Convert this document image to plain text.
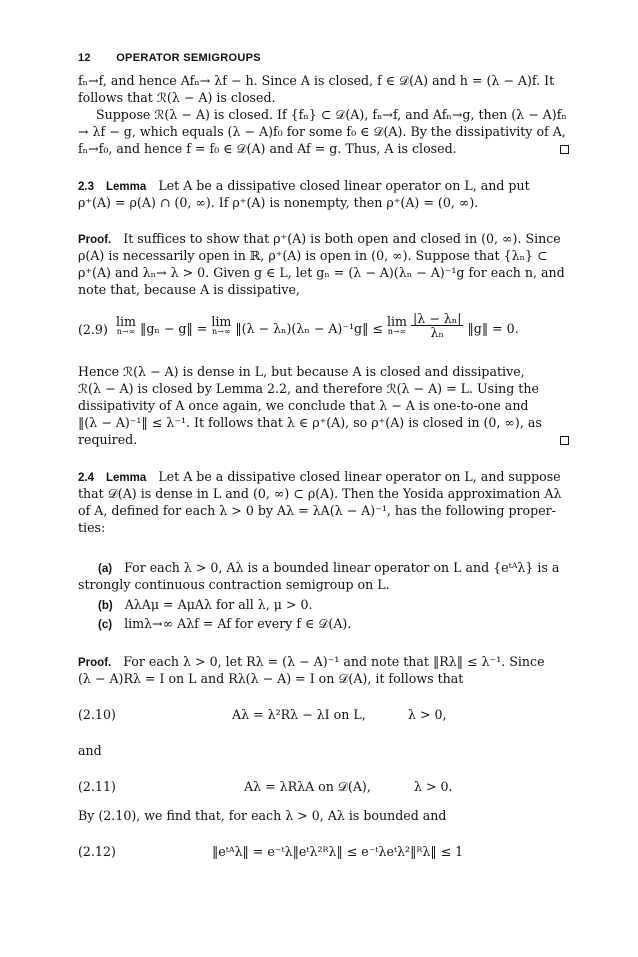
12 OPERATOR SEMIGROUPS
fₙ→f, and hence Afₙ→ λf − h. Since A is closed, f ∈ 𝒟(A) and h = (λ − A)f. It
follows that ℛ(λ − A) is closed.
Suppose ℛ(λ − A) is closed. If {fₙ} ⊂ 𝒟(A), fₙ→f, and Afₙ→g, then (λ − A)fₙ
→ λf − g, which equals (λ − A)f₀ for some f₀ ∈ 𝒟(A). By the dissipativity of A,
fₙ→f₀, and hence f = f₀ ∈ 𝒟(A) and Af = g. Thus, A is closed.
2.3 Lemma Let A be a dissipative closed linear operator on L, and put
ρ⁺(A) = ρ(A) ∩ (0, ∞). If ρ⁺(A) is nonempty, then ρ⁺(A) = (0, ∞).
Proof. It suffices to show that ρ⁺(A) is both open and closed in (0, ∞). Since
ρ(A) is necessarily open in ℝ, ρ⁺(A) is open in (0, ∞). Suppose that {λₙ} ⊂
ρ⁺(A) and λₙ→ λ > 0. Given g ∈ L, let gₙ = (λ − A)(λₙ − A)⁻¹g for each n, and
note that, because A is dissipative,
(2.9)
lim
n→∞ ‖gₙ − g‖ = lim
n→∞ ‖(λ − λₙ)(λₙ − A)⁻¹g‖ ≤ lim
n→∞
$\frac{\text{|λ − λₙ|}}{\text{λₙ}}$ ‖g‖ = 0.
Hence ℛ(λ − A) is dense in L, but because A is closed and dissipative,
ℛ(λ − A) is closed by Lemma 2.2, and therefore ℛ(λ − A) = L. Using the
dissipativity of A once again, we conclude that λ − A is one-to-one and
‖(λ − A)⁻¹‖ ≤ λ⁻¹. It follows that λ ∈ ρ⁺(A), so ρ⁺(A) is closed in (0, ∞), as
required.
2.4 Lemma Let A be a dissipative closed linear operator on L, and suppose
that 𝒟(A) is dense in L and (0, ∞) ⊂ ρ(A). Then the Yosida approximation Aλ
of A, defined for each λ > 0 by Aλ = λA(λ − A)⁻¹, has the following proper-
ties:
(a) For each λ > 0, Aλ is a bounded linear operator on L and {eᵗᴬλ} is a
strongly continuous contraction semigroup on L.
(b) AλAμ = AμAλ for all λ, μ > 0.
(c) limλ→∞ Aλf = Af for every f ∈ 𝒟(A).
Proof. For each λ > 0, let Rλ = (λ − A)⁻¹ and note that ‖Rλ‖ ≤ λ⁻¹. Since
(λ − A)Rλ = I on L and Rλ(λ − A) = I on 𝒟(A), it follows that
(2.10)	Aλ = λ²Rλ − λI on L,	λ > 0,
and
(2.11)	Aλ = λRλA on 𝒟(A),	λ > 0.
By (2.10), we find that, for each λ > 0, Aλ is bounded and
(2.12)	‖eᵗᴬλ‖ = e⁻ᵗλ‖eᵗλ²ᴿλ‖ ≤ e⁻ᵗλeᵗλ²‖ᴿλ‖ ≤ 1
